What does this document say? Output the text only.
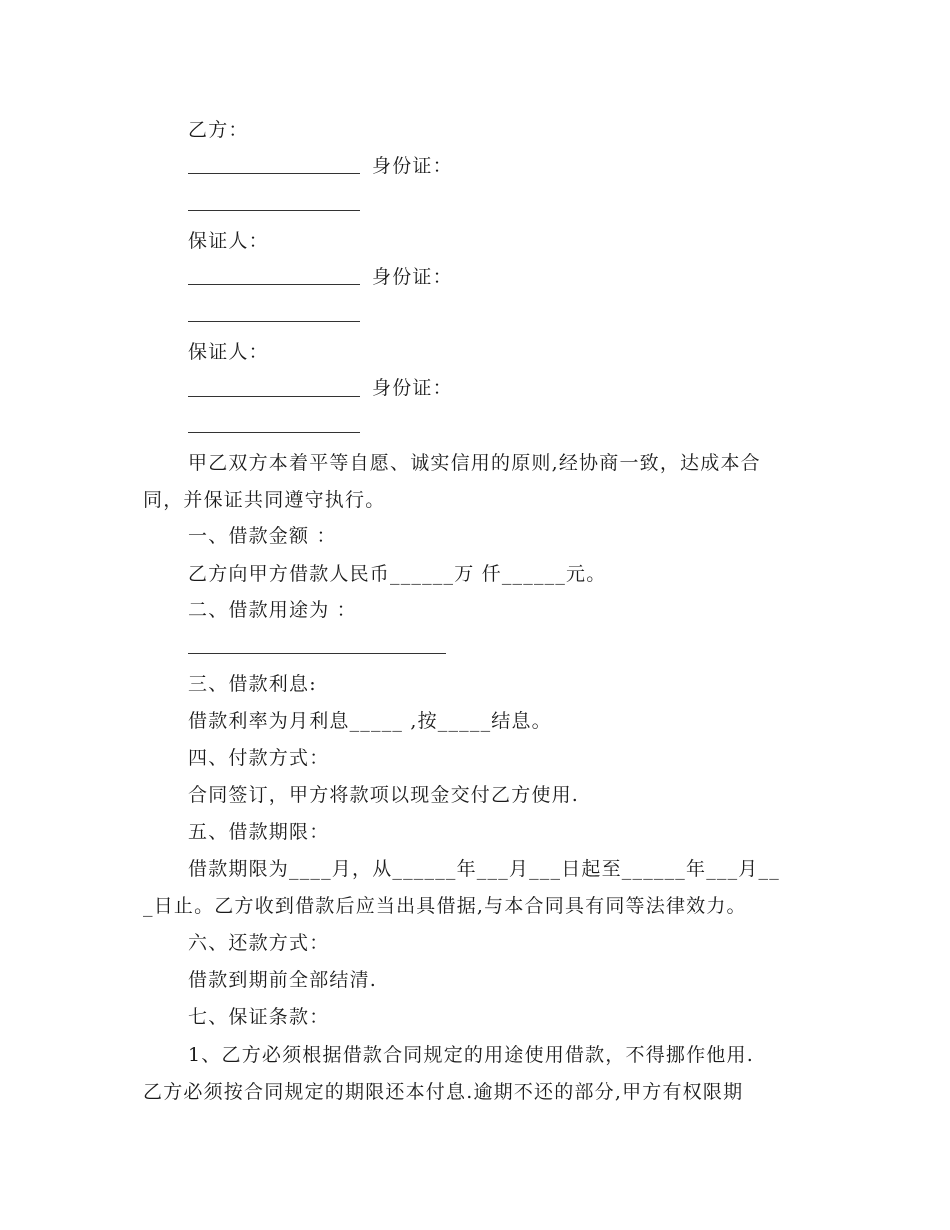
乙方：
身份证：
保证人：
身份证：
保证人：
身份证：
甲乙双方本着平等自愿、诚实信用的原则,经协商一致，达成本合
同，并保证共同遵守执行。
一、借款金额 ：
乙方向甲方借款人民币______万 仟______元。
二、借款用途为 ：
三、借款利息:
借款利率为月利息_____ ,按_____结息。
四、付款方式：
合同签订，甲方将款项以现金交付乙方使用.
五、借款期限：
借款期限为____月，从______年___月___日起至______年___月__
_日止。乙方收到借款后应当出具借据,与本合同具有同等法律效力。
六、还款方式：
借款到期前全部结清.
七、保证条款：
1、乙方必须根据借款合同规定的用途使用借款，不得挪作他用.
乙方必须按合同规定的期限还本付息.逾期不还的部分,甲方有权限期
